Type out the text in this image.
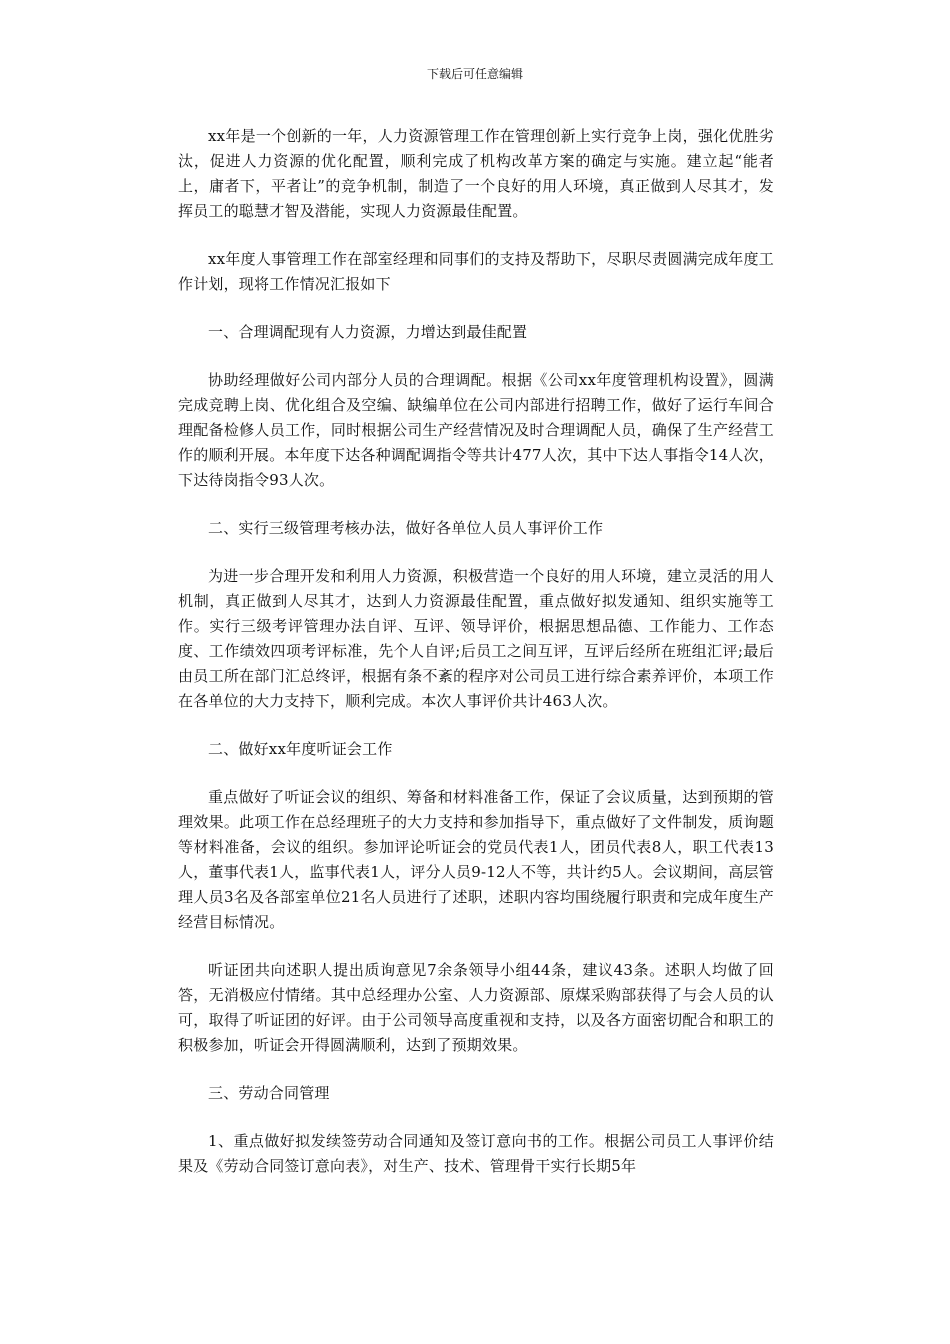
下载后可任意编辑

xx年是一个创新的一年，人力资源管理工作在管理创新上实行竞争上岗，强化优胜劣汰，促进人力资源的优化配置，顺利完成了机构改革方案的确定与实施。建立起“能者上，庸者下，平者让”的竞争机制，制造了一个良好的用人环境，真正做到人尽其才，发挥员工的聪慧才智及潜能，实现人力资源最佳配置。

xx年度人事管理工作在部室经理和同事们的支持及帮助下，尽职尽责圆满完成年度工作计划，现将工作情况汇报如下

一、合理调配现有人力资源，力增达到最佳配置

协助经理做好公司内部分人员的合理调配。根据《公司xx年度管理机构设置》，圆满完成竞聘上岗、优化组合及空编、缺编单位在公司内部进行招聘工作，做好了运行车间合理配备检修人员工作，同时根据公司生产经营情况及时合理调配人员，确保了生产经营工作的顺利开展。本年度下达各种调配调指令等共计477人次，其中下达人事指令14人次，下达待岗指令93人次。

二、实行三级管理考核办法，做好各单位人员人事评价工作

为进一步合理开发和利用人力资源，积极营造一个良好的用人环境，建立灵活的用人机制，真正做到人尽其才，达到人力资源最佳配置，重点做好拟发通知、组织实施等工作。实行三级考评管理办法自评、互评、领导评价，根据思想品德、工作能力、工作态度、工作绩效四项考评标准，先个人自评;后员工之间互评，互评后经所在班组汇评;最后由员工所在部门汇总终评，根据有条不紊的程序对公司员工进行综合素养评价，本项工作在各单位的大力支持下，顺利完成。本次人事评价共计463人次。

二、做好xx年度听证会工作

重点做好了听证会议的组织、筹备和材料准备工作，保证了会议质量，达到预期的管理效果。此项工作在总经理班子的大力支持和参加指导下，重点做好了文件制发，质询题等材料准备，会议的组织。参加评论听证会的党员代表1人，团员代表8人，职工代表13人，董事代表1人，监事代表1人，评分人员9-12人不等，共计约5人。会议期间，高层管理人员3名及各部室单位21名人员进行了述职，述职内容均围绕履行职责和完成年度生产经营目标情况。

听证团共向述职人提出质询意见7余条领导小组44条，建议43条。述职人均做了回答，无消极应付情绪。其中总经理办公室、人力资源部、原煤采购部获得了与会人员的认可，取得了听证团的好评。由于公司领导高度重视和支持，以及各方面密切配合和职工的积极参加，听证会开得圆满顺利，达到了预期效果。

三、劳动合同管理

1、重点做好拟发续签劳动合同通知及签订意向书的工作。根据公司员工人事评价结果及《劳动合同签订意向表》，对生产、技术、管理骨干实行长期5年
